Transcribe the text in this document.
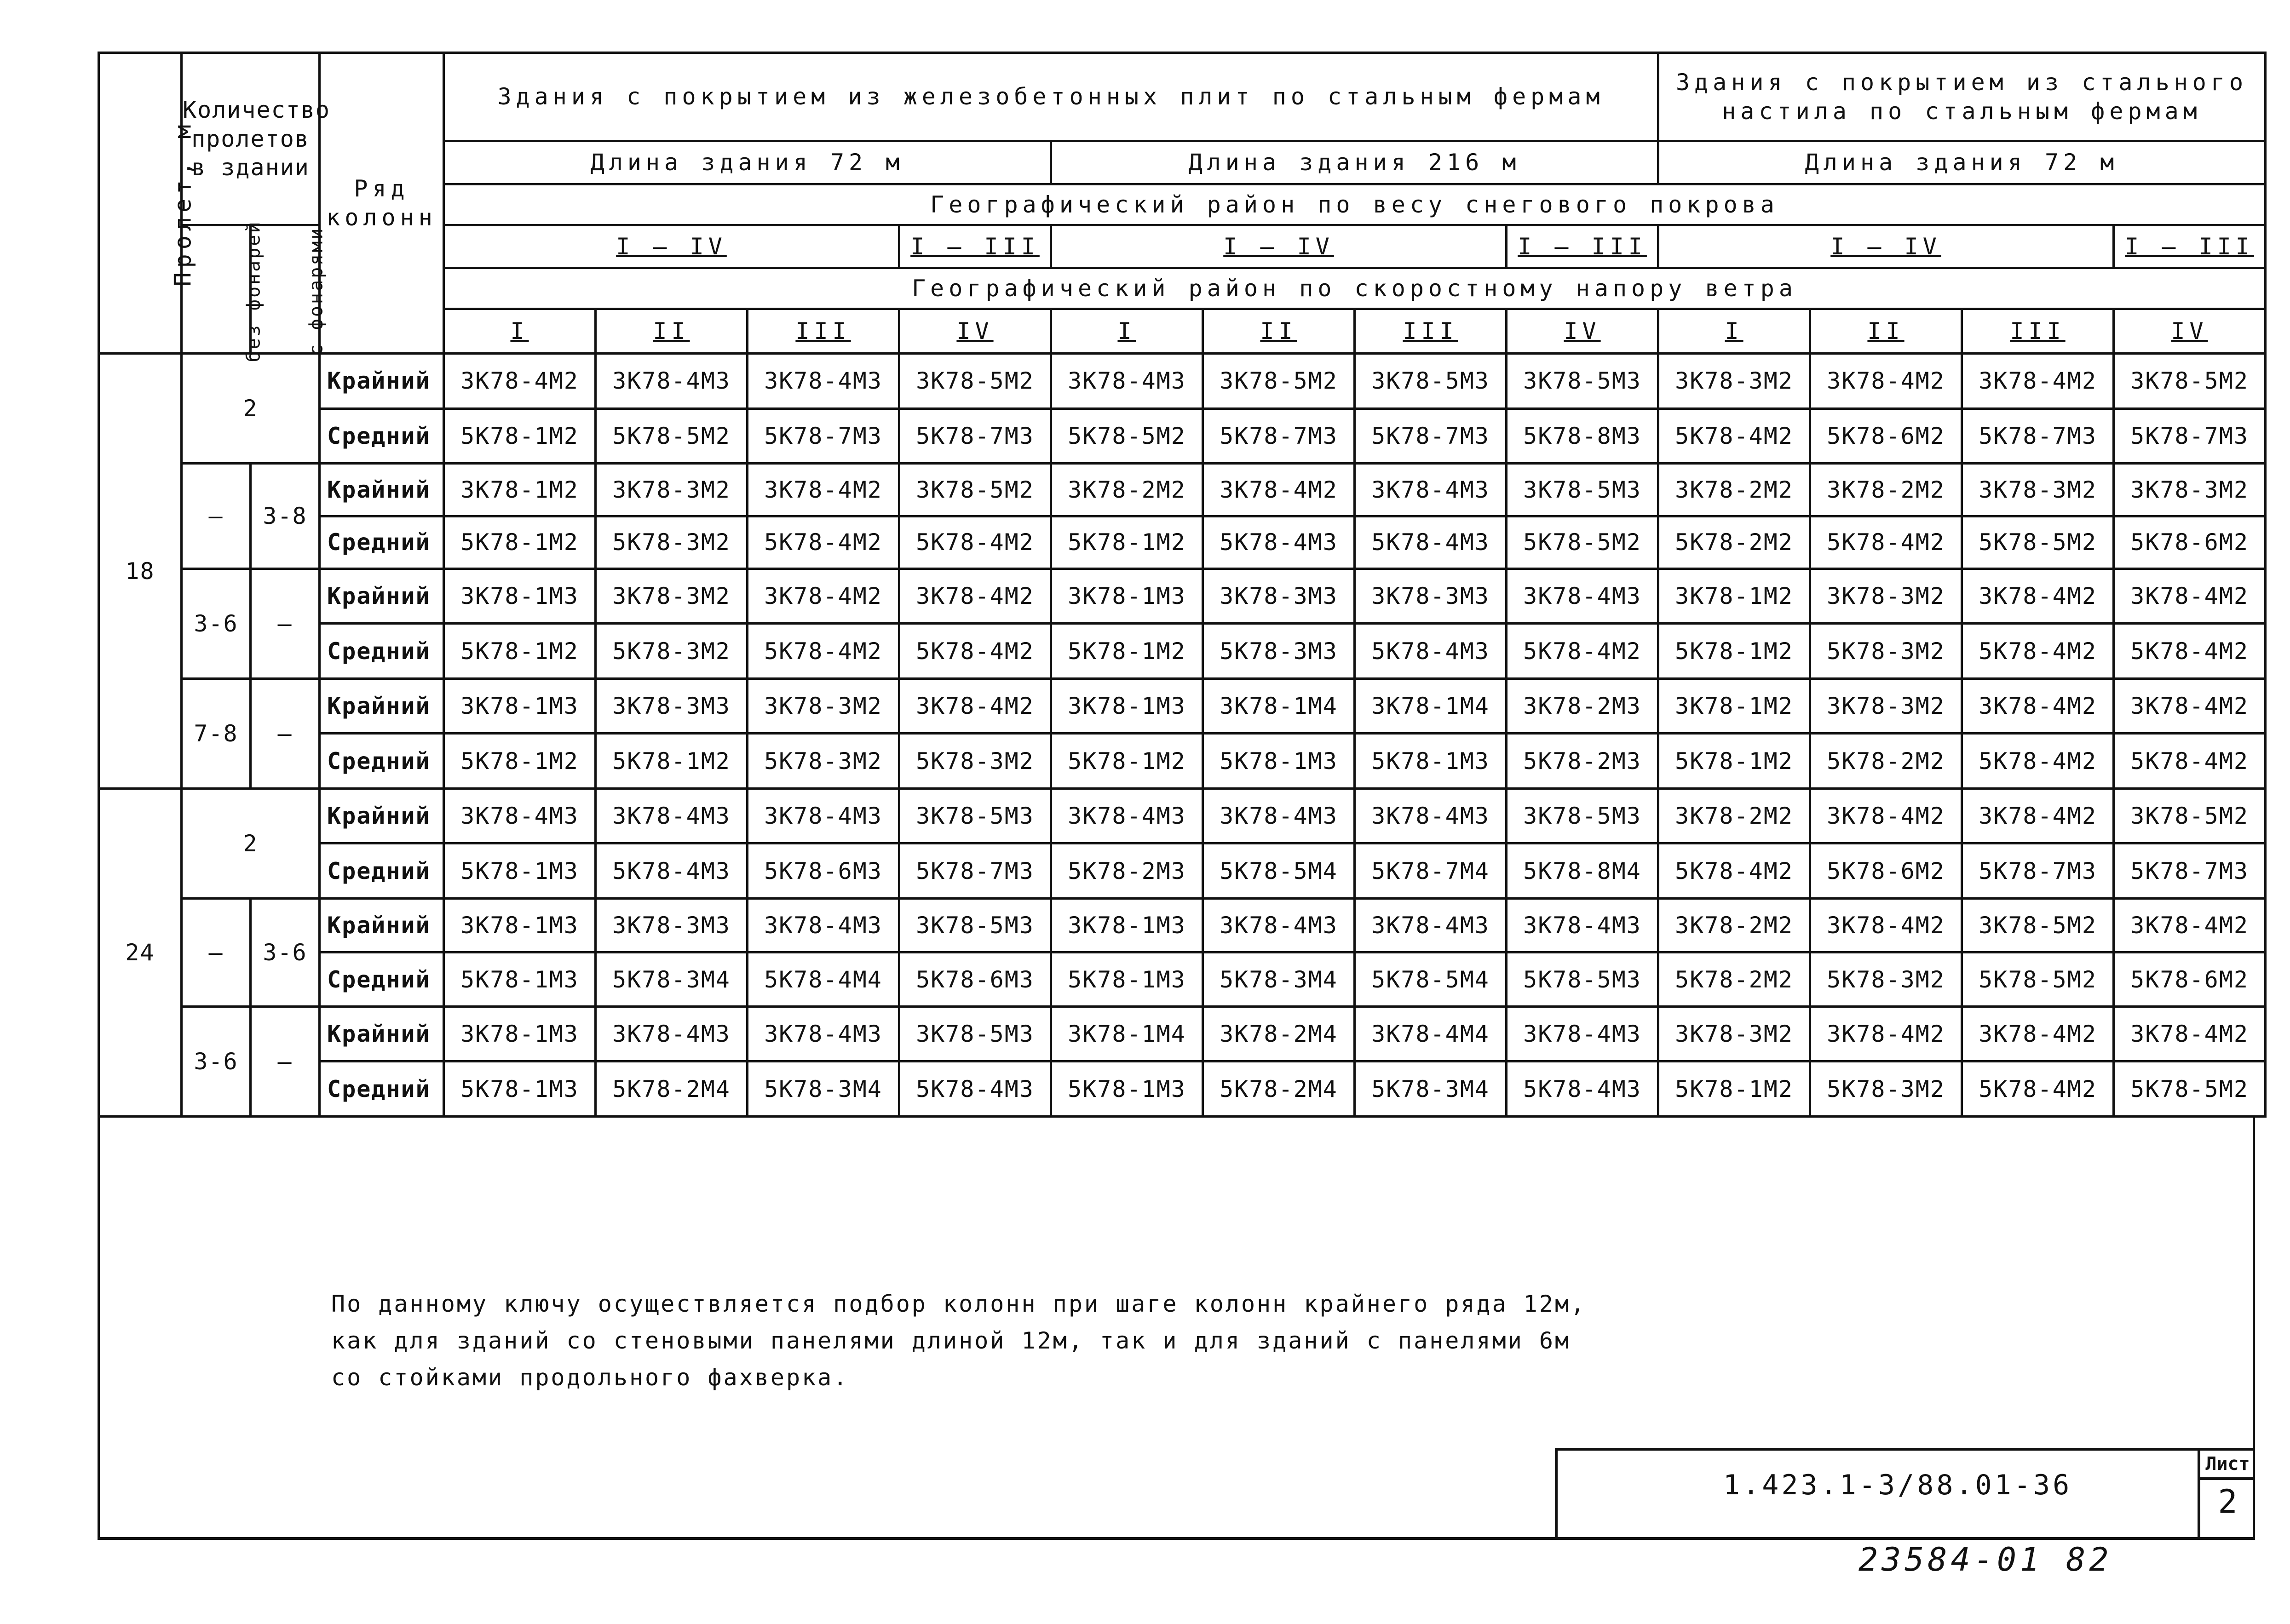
Пролет, м	Количество пролетов в здании		Ряд колонн	Здания с покрытием из железобетонных плит по стальным фермам								Здания с покрытием из стального настила по стальным фермам			
				Длина здания 72 м				Длина здания 216 м				Длина здания 72 м			
				Географический район по весу снегового покрова											
	без фонарей	с фонарями		I – IV			I – III	I – IV			I – III	I – IV			I – III
				Географический район по скоростному напору ветра											
				I	II	III	IV	I	II	III	IV	I	II	III	IV
18	2		Крайний	3К78-4М2	3К78-4М3	3К78-4М3	3К78-5М2	3К78-4М3	3К78-5М2	3К78-5М3	3К78-5М3	3К78-3М2	3К78-4М2	3К78-4М2	3К78-5М2
			Средний	5К78-1М2	5К78-5М2	5К78-7М3	5К78-7М3	5К78-5М2	5К78-7М3	5К78-7М3	5К78-8М3	5К78-4М2	5К78-6М2	5К78-7М3	5К78-7М3
	—	3-8	Крайний	3К78-1М2	3К78-3М2	3К78-4М2	3К78-5М2	3К78-2М2	3К78-4М2	3К78-4М3	3К78-5М3	3К78-2М2	3К78-2М2	3К78-3М2	3К78-3М2
			Средний	5К78-1М2	5К78-3М2	5К78-4М2	5К78-4М2	5К78-1М2	5К78-4М3	5К78-4М3	5К78-5М2	5К78-2М2	5К78-4М2	5К78-5М2	5К78-6М2
	3-6	—	Крайний	3К78-1М3	3К78-3М2	3К78-4М2	3К78-4М2	3К78-1М3	3К78-3М3	3К78-3М3	3К78-4М3	3К78-1М2	3К78-3М2	3К78-4М2	3К78-4М2
			Средний	5К78-1М2	5К78-3М2	5К78-4М2	5К78-4М2	5К78-1М2	5К78-3М3	5К78-4М3	5К78-4М2	5К78-1М2	5К78-3М2	5К78-4М2	5К78-4М2
	7-8	—	Крайний	3К78-1М3	3К78-3М3	3К78-3М2	3К78-4М2	3К78-1М3	3К78-1М4	3К78-1М4	3К78-2М3	3К78-1М2	3К78-3М2	3К78-4М2	3К78-4М2
			Средний	5К78-1М2	5К78-1М2	5К78-3М2	5К78-3М2	5К78-1М2	5К78-1М3	5К78-1М3	5К78-2М3	5К78-1М2	5К78-2М2	5К78-4М2	5К78-4М2
24	2		Крайний	3К78-4М3	3К78-4М3	3К78-4М3	3К78-5М3	3К78-4М3	3К78-4М3	3К78-4М3	3К78-5М3	3К78-2М2	3К78-4М2	3К78-4М2	3К78-5М2
			Средний	5К78-1М3	5К78-4М3	5К78-6М3	5К78-7М3	5К78-2М3	5К78-5М4	5К78-7М4	5К78-8М4	5К78-4М2	5К78-6М2	5К78-7М3	5К78-7М3
	—	3-6	Крайний	3К78-1М3	3К78-3М3	3К78-4М3	3К78-5М3	3К78-1М3	3К78-4М3	3К78-4М3	3К78-4М3	3К78-2М2	3К78-4М2	3К78-5М2	3К78-4М2
			Средний	5К78-1М3	5К78-3М4	5К78-4М4	5К78-6М3	5К78-1М3	5К78-3М4	5К78-5М4	5К78-5М3	5К78-2М2	5К78-3М2	5К78-5М2	5К78-6М2
	3-6	—	Крайний	3К78-1М3	3К78-4М3	3К78-4М3	3К78-5М3	3К78-1М4	3К78-2М4	3К78-4М4	3К78-4М3	3К78-3М2	3К78-4М2	3К78-4М2	3К78-4М2
			Средний	5К78-1М3	5К78-2М4	5К78-3М4	5К78-4М3	5К78-1М3	5К78-2М4	5К78-3М4	5К78-4М3	5К78-1М2	5К78-3М2	5К78-4М2	5К78-5М2
По данному ключу осуществляется подбор колонн при шаге колонн крайнего ряда 12м,
как для зданий со стеновыми панелями длиной 12м, так и для зданий с панелями 6м
со стойками продольного фахверка.
1.423.1-3/88.01-36
Лист
2
23584-01 82
